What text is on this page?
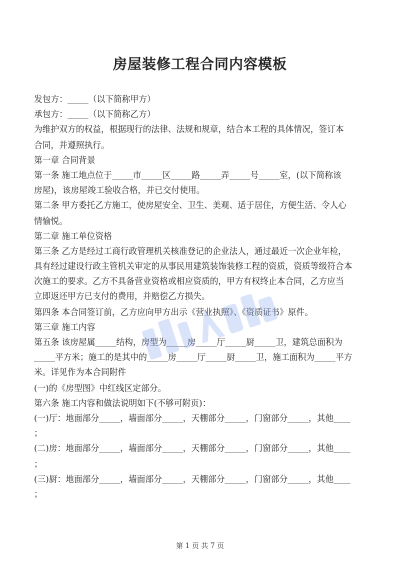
房屋装修工程合同内容模板
发包方：_____（以下简称甲方）
承包方：_____（以下简称乙方）
为维护双方的权益，根据现行的法律、法规和规章，结合本工程的具体情况，签订本
合同，并遵照执行。
第一章 合同背景
第一条 施工地点位于_____市_____区_____路_____弄_____号_____室，(以下简称该
房屋)，该房屋竣工验收合格，并已交付使用。
第二条 甲方委托乙方施工，使房屋安全、卫生、美观、适于居住，方便生活、令人心
情愉悦。
第二章 施工单位资格
第三条 乙方是经过工商行政管理机关核准登记的企业法人，通过最近一次企业年检，
具有经过建设行政主管机关审定的从事民用建筑装饰装修工程的资质，资质等级符合本
次施工的要求。乙方不具备营业资格或相应资质的，甲方有权终止本合同，乙方应当
立即返还甲方已支付的费用，并赔偿乙方损失。
第四条 本合同签订前，乙方应向甲方出示《营业执照》、《资质证书》原件。
第三章 施工内容
第五条 该房屋属_____结构，房型为_____房_____厅_____厨_____卫，建筑总面积为
_____平方米；施工的是其中的_____房_____厅_____厨_____卫，施工面积为_____平方
米。详见作为本合同附件
(一)的《房型图》中红线区定部分。
第六条 施工内容和做法说明如下(不够可附页)：
(一)厅：地面部分_____，墙面部分_____，天棚部分_____，门窗部分_____，其他____
；
(二)房：地面部分_____，墙面部分_____，天棚部分_____，门窗部分_____，其他____
；
(三)厨：地面部分_____，墙面部分_____，天棚部分_____，门窗部分_____，其他____
；
第 1 页 共 7 页
